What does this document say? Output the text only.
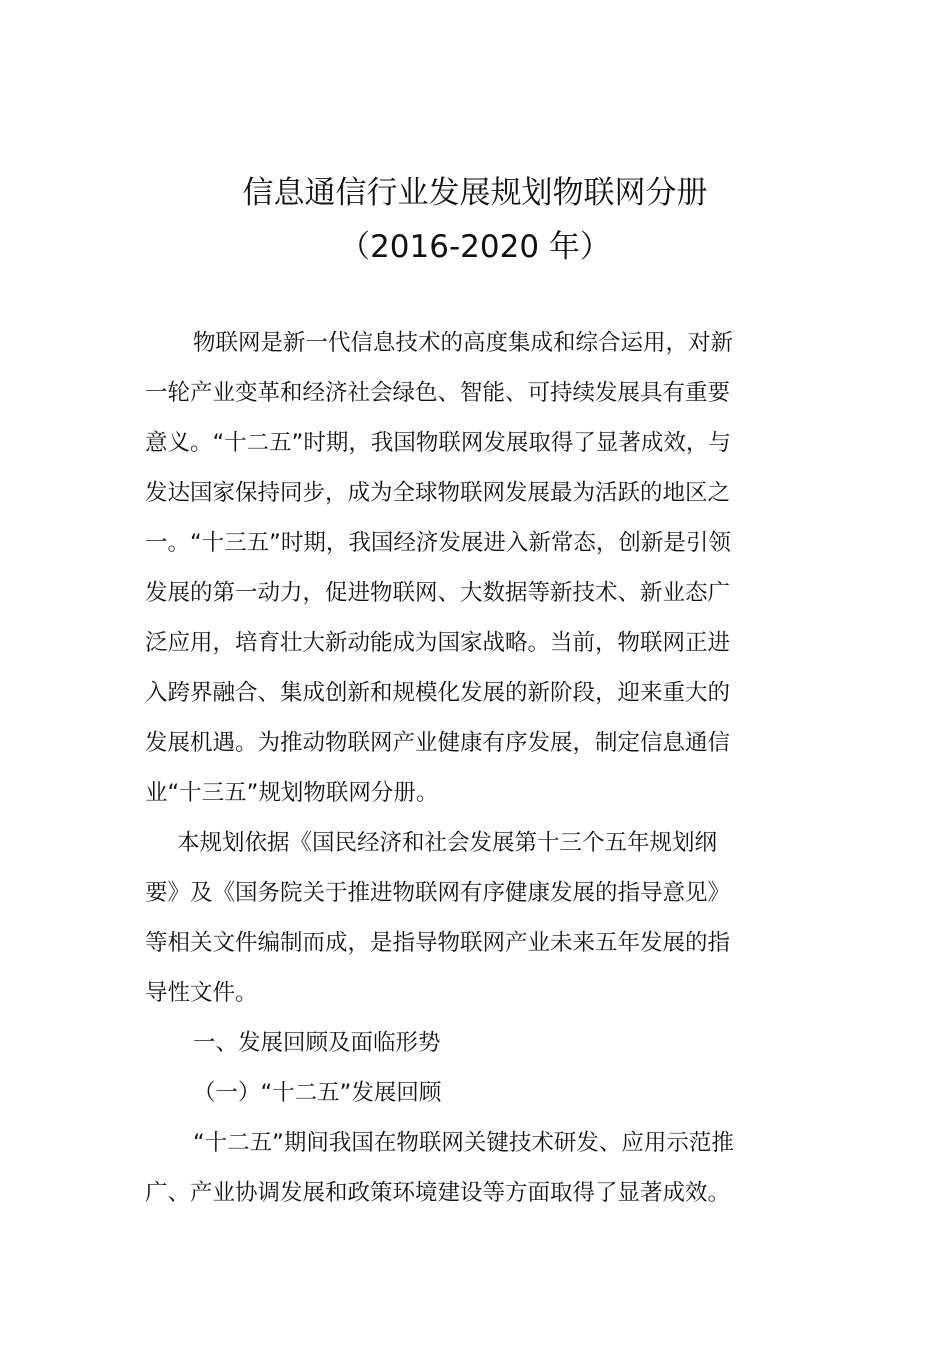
信息通信行业发展规划物联网分册
（2016-2020 年）

物联网是新一代信息技术的高度集成和综合运用，对新

一轮产业变革和经济社会绿色、智能、可持续发展具有重要

意义。“十二五”时期，我国物联网发展取得了显著成效，与

发达国家保持同步，成为全球物联网发展最为活跃的地区之

一。“十三五”时期，我国经济发展进入新常态，创新是引领

发展的第一动力，促进物联网、大数据等新技术、新业态广

泛应用，培育壮大新动能成为国家战略。当前，物联网正进

入跨界融合、集成创新和规模化发展的新阶段，迎来重大的

发展机遇。为推动物联网产业健康有序发展，制定信息通信

业“十三五”规划物联网分册。

本规划依据《国民经济和社会发展第十三个五年规划纲

要》及《国务院关于推进物联网有序健康发展的指导意见》

等相关文件编制而成，是指导物联网产业未来五年发展的指

导性文件。

一、发展回顾及面临形势
（一）“十二五”发展回顾

“十二五”期间我国在物联网关键技术研发、应用示范推

广、产业协调发展和政策环境建设等方面取得了显著成效。
